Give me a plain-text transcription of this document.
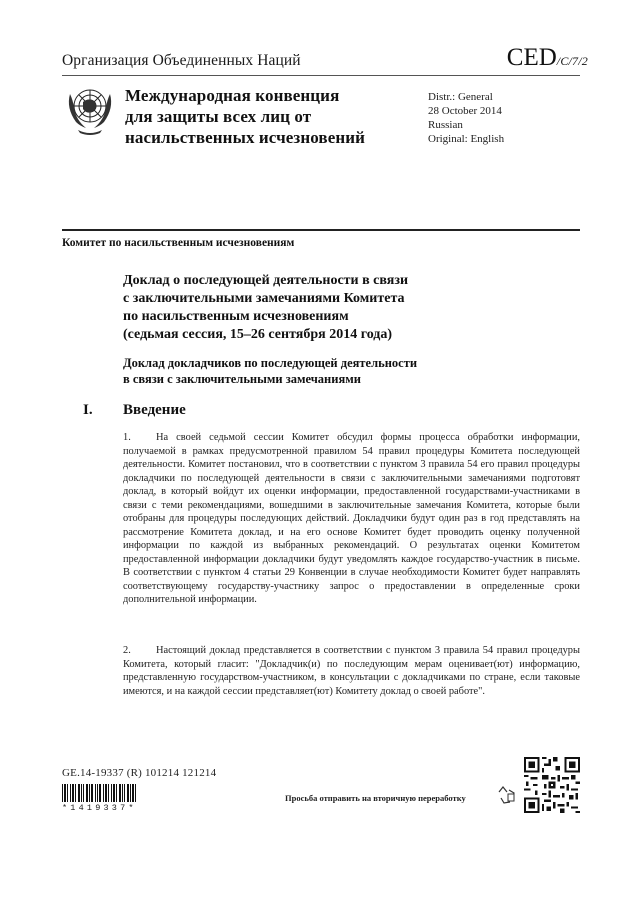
Организация Объединенных Наций	CED/C/7/2
Международная конвенция
для защиты всех лиц от
насильственных исчезновений
Distr.: General
28 October 2014
Russian
Original: English
Комитет по насильственным исчезновениям
Доклад о последующей деятельности в связи
с заключительными замечаниями Комитета
по насильственным исчезновениям
(седьмая сессия, 15–26 сентября 2014 года)
Доклад докладчиков по последующей деятельности
в связи с заключительными замечаниями
I. Введение
1. На своей седьмой сессии Комитет обсудил формы процесса обработки информации, получаемой в рамках предусмотренной правилом 54 правил процедуры Комитета последующей деятельности. Комитет постановил, что в соответствии с пунктом 3 правила 54 его правил процедуры докладчики по последующей деятельности в связи с заключительными замечаниями подготовят доклад, в который войдут их оценки информации, предоставленной государствами-участниками в связи с теми рекомендациями, вошедшими в заключительные замечания Комитета, которые были отобраны для процедуры последующих действий. Докладчики будут один раз в год представлять на рассмотрение Комитета доклад, и на его основе Комитет будет проводить оценку полученной информации по каждой из выбранных рекомендаций. О результатах оценки Комитетом предоставленной информации докладчики будут уведомлять каждое государство-участник в письме. В соответствии с пунктом 4 статьи 29 Конвенции в случае необходимости Комитет будет направлять соответствующему государству-участнику запрос о предоставлении в определенные сроки дополнительной информации.
2. Настоящий доклад представляется в соответствии с пунктом 3 правила 54 правил процедуры Комитета, который гласит: "Докладчик(и) по последующим мерам оценивает(ют) информацию, представленную государством-участником, в консультации с докладчиками по стране, если таковые имеются, и на каждой сессии представляет(ют) Комитету доклад о своей работе".
GE.14-19337 (R) 101214 121214
*1419337*
Просьба отправить на вторичную переработку
